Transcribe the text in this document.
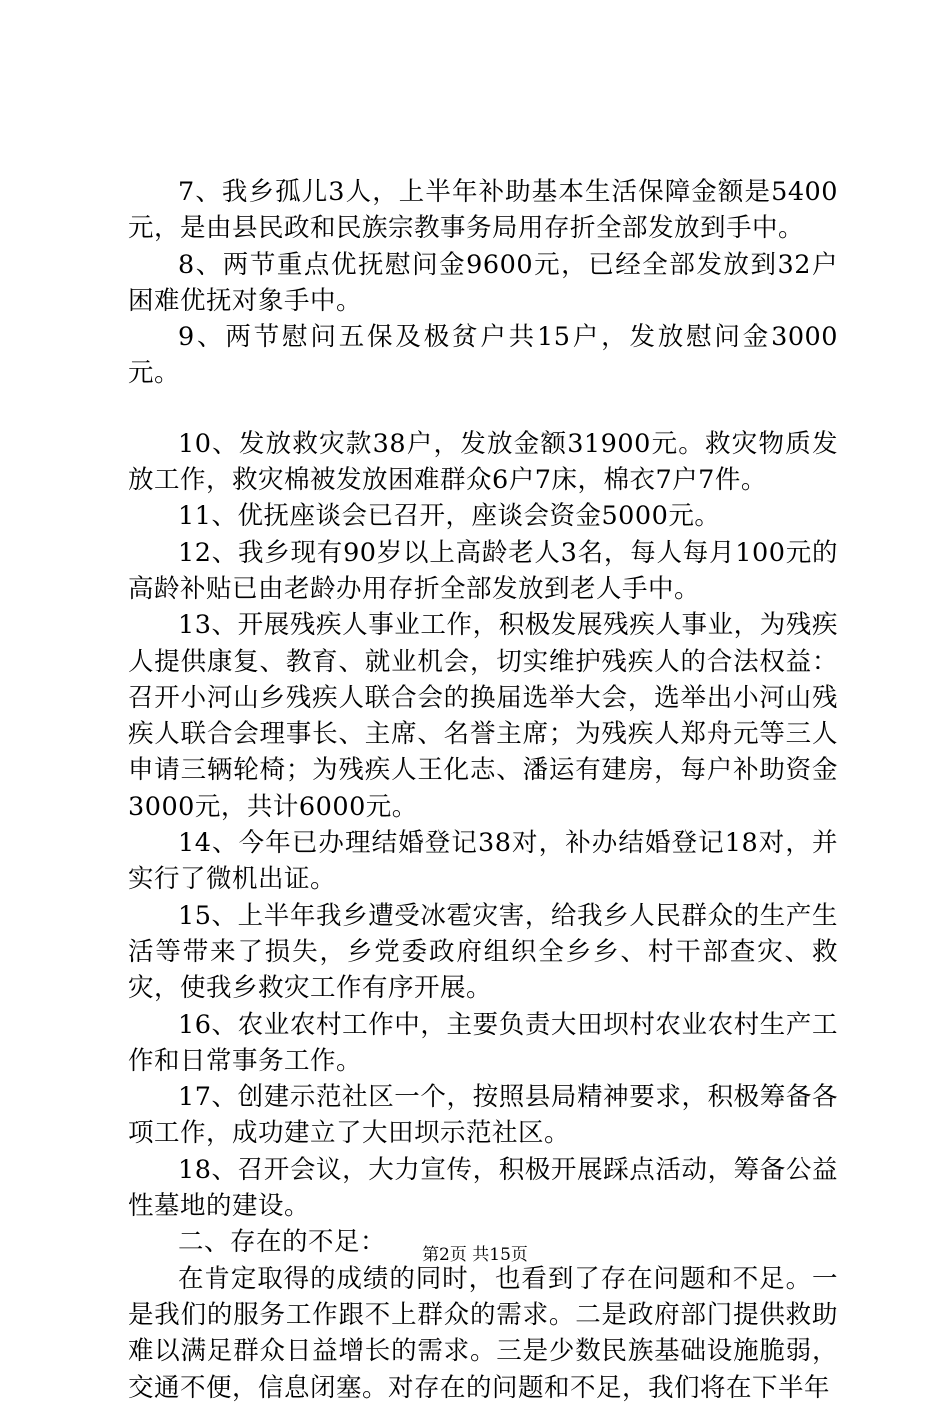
7、我乡孤儿3人，上半年补助基本生活保障金额是5400元，是由县民政和民族宗教事务局用存折全部发放到手中。

8、两节重点优抚慰问金9600元，已经全部发放到32户困难优抚对象手中。

9、两节慰问五保及极贫户共15户，发放慰问金3000元。

10、发放救灾款38户，发放金额31900元。救灾物质发放工作，救灾棉被发放困难群众6户7床，棉衣7户7件。

11、优抚座谈会已召开，座谈会资金5000元。

12、我乡现有90岁以上高龄老人3名，每人每月100元的高龄补贴已由老龄办用存折全部发放到老人手中。

13、开展残疾人事业工作，积极发展残疾人事业，为残疾人提供康复、教育、就业机会，切实维护残疾人的合法权益：召开小河山乡残疾人联合会的换届选举大会，选举出小河山残疾人联合会理事长、主席、名誉主席；为残疾人郑舟元等三人申请三辆轮椅；为残疾人王化志、潘运有建房，每户补助资金3000元，共计6000元。

14、今年已办理结婚登记38对，补办结婚登记18对，并实行了微机出证。

15、上半年我乡遭受冰雹灾害，给我乡人民群众的生产生活等带来了损失，乡党委政府组织全乡乡、村干部查灾、救灾，使我乡救灾工作有序开展。

16、农业农村工作中，主要负责大田坝村农业农村生产工作和日常事务工作。

17、创建示范社区一个，按照县局精神要求，积极筹备各项工作，成功建立了大田坝示范社区。

18、召开会议，大力宣传，积极开展踩点活动，筹备公益性墓地的建设。

二、存在的不足：

在肯定取得的成绩的同时，也看到了存在问题和不足。一是我们的服务工作跟不上群众的需求。二是政府部门提供救助难以满足群众日益增长的需求。三是少数民族基础设施脆弱，交通不便，信息闭塞。对存在的问题和不足，我们将在下半年

第2页 共15页
